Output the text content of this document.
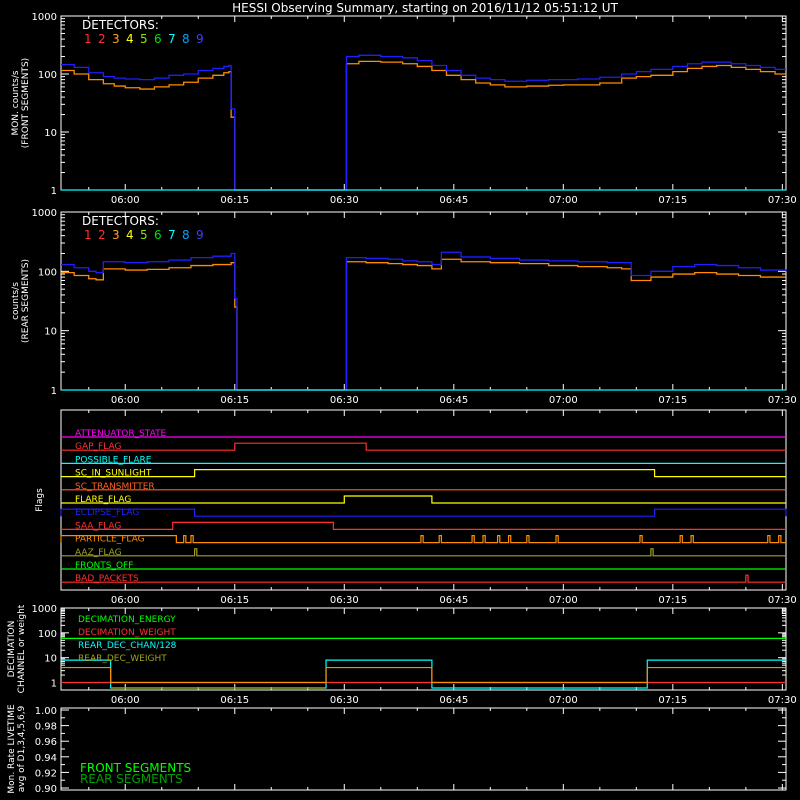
HESSI Observing Summary, starting on 2016/11/12 05:51:12 UT
06:00	06:15	06:30	06:45	07:00	07:15	07:30
1
10
100
1000
DETECTORS:
1 2 3 4 5 6 7 8 9
MON. counts/s (FRONT SEGMENTS)
06:00	06:15	06:30	06:45	07:00	07:15	07:30
1
10
100
1000
DETECTORS:
1 2 3 4 5 6 7 8 9
counts/s (REAR SEGMENTS)
06:00	06:15	06:30	06:45	07:00	07:15	07:30
ATTENUATOR_STATE
GAP_FLAG
POSSIBLE_FLARE
SC_IN_SUNLIGHT
SC_TRANSMITTER
FLARE_FLAG
ECLIPSE_FLAG
SAA_FLAG
PARTICLE_FLAG
AAZ_FLAG
FRONTS_OFF
BAD_PACKETS
Flags
06:00	06:15	06:30	06:45	07:00	07:15	07:30
1
10
100
1000
DECIMATION_ENERGY
DECIMATION_WEIGHT
REAR_DEC_CHAN/128
REAR_DEC_WEIGHT
DECIMATION CHANNEL or weight
0.90
0.92
0.94
0.96
0.98
1.00
FRONT SEGMENTS
REAR SEGMENTS
Mon. Rate LIVETIME avg of D1,3,4,5,6,9
